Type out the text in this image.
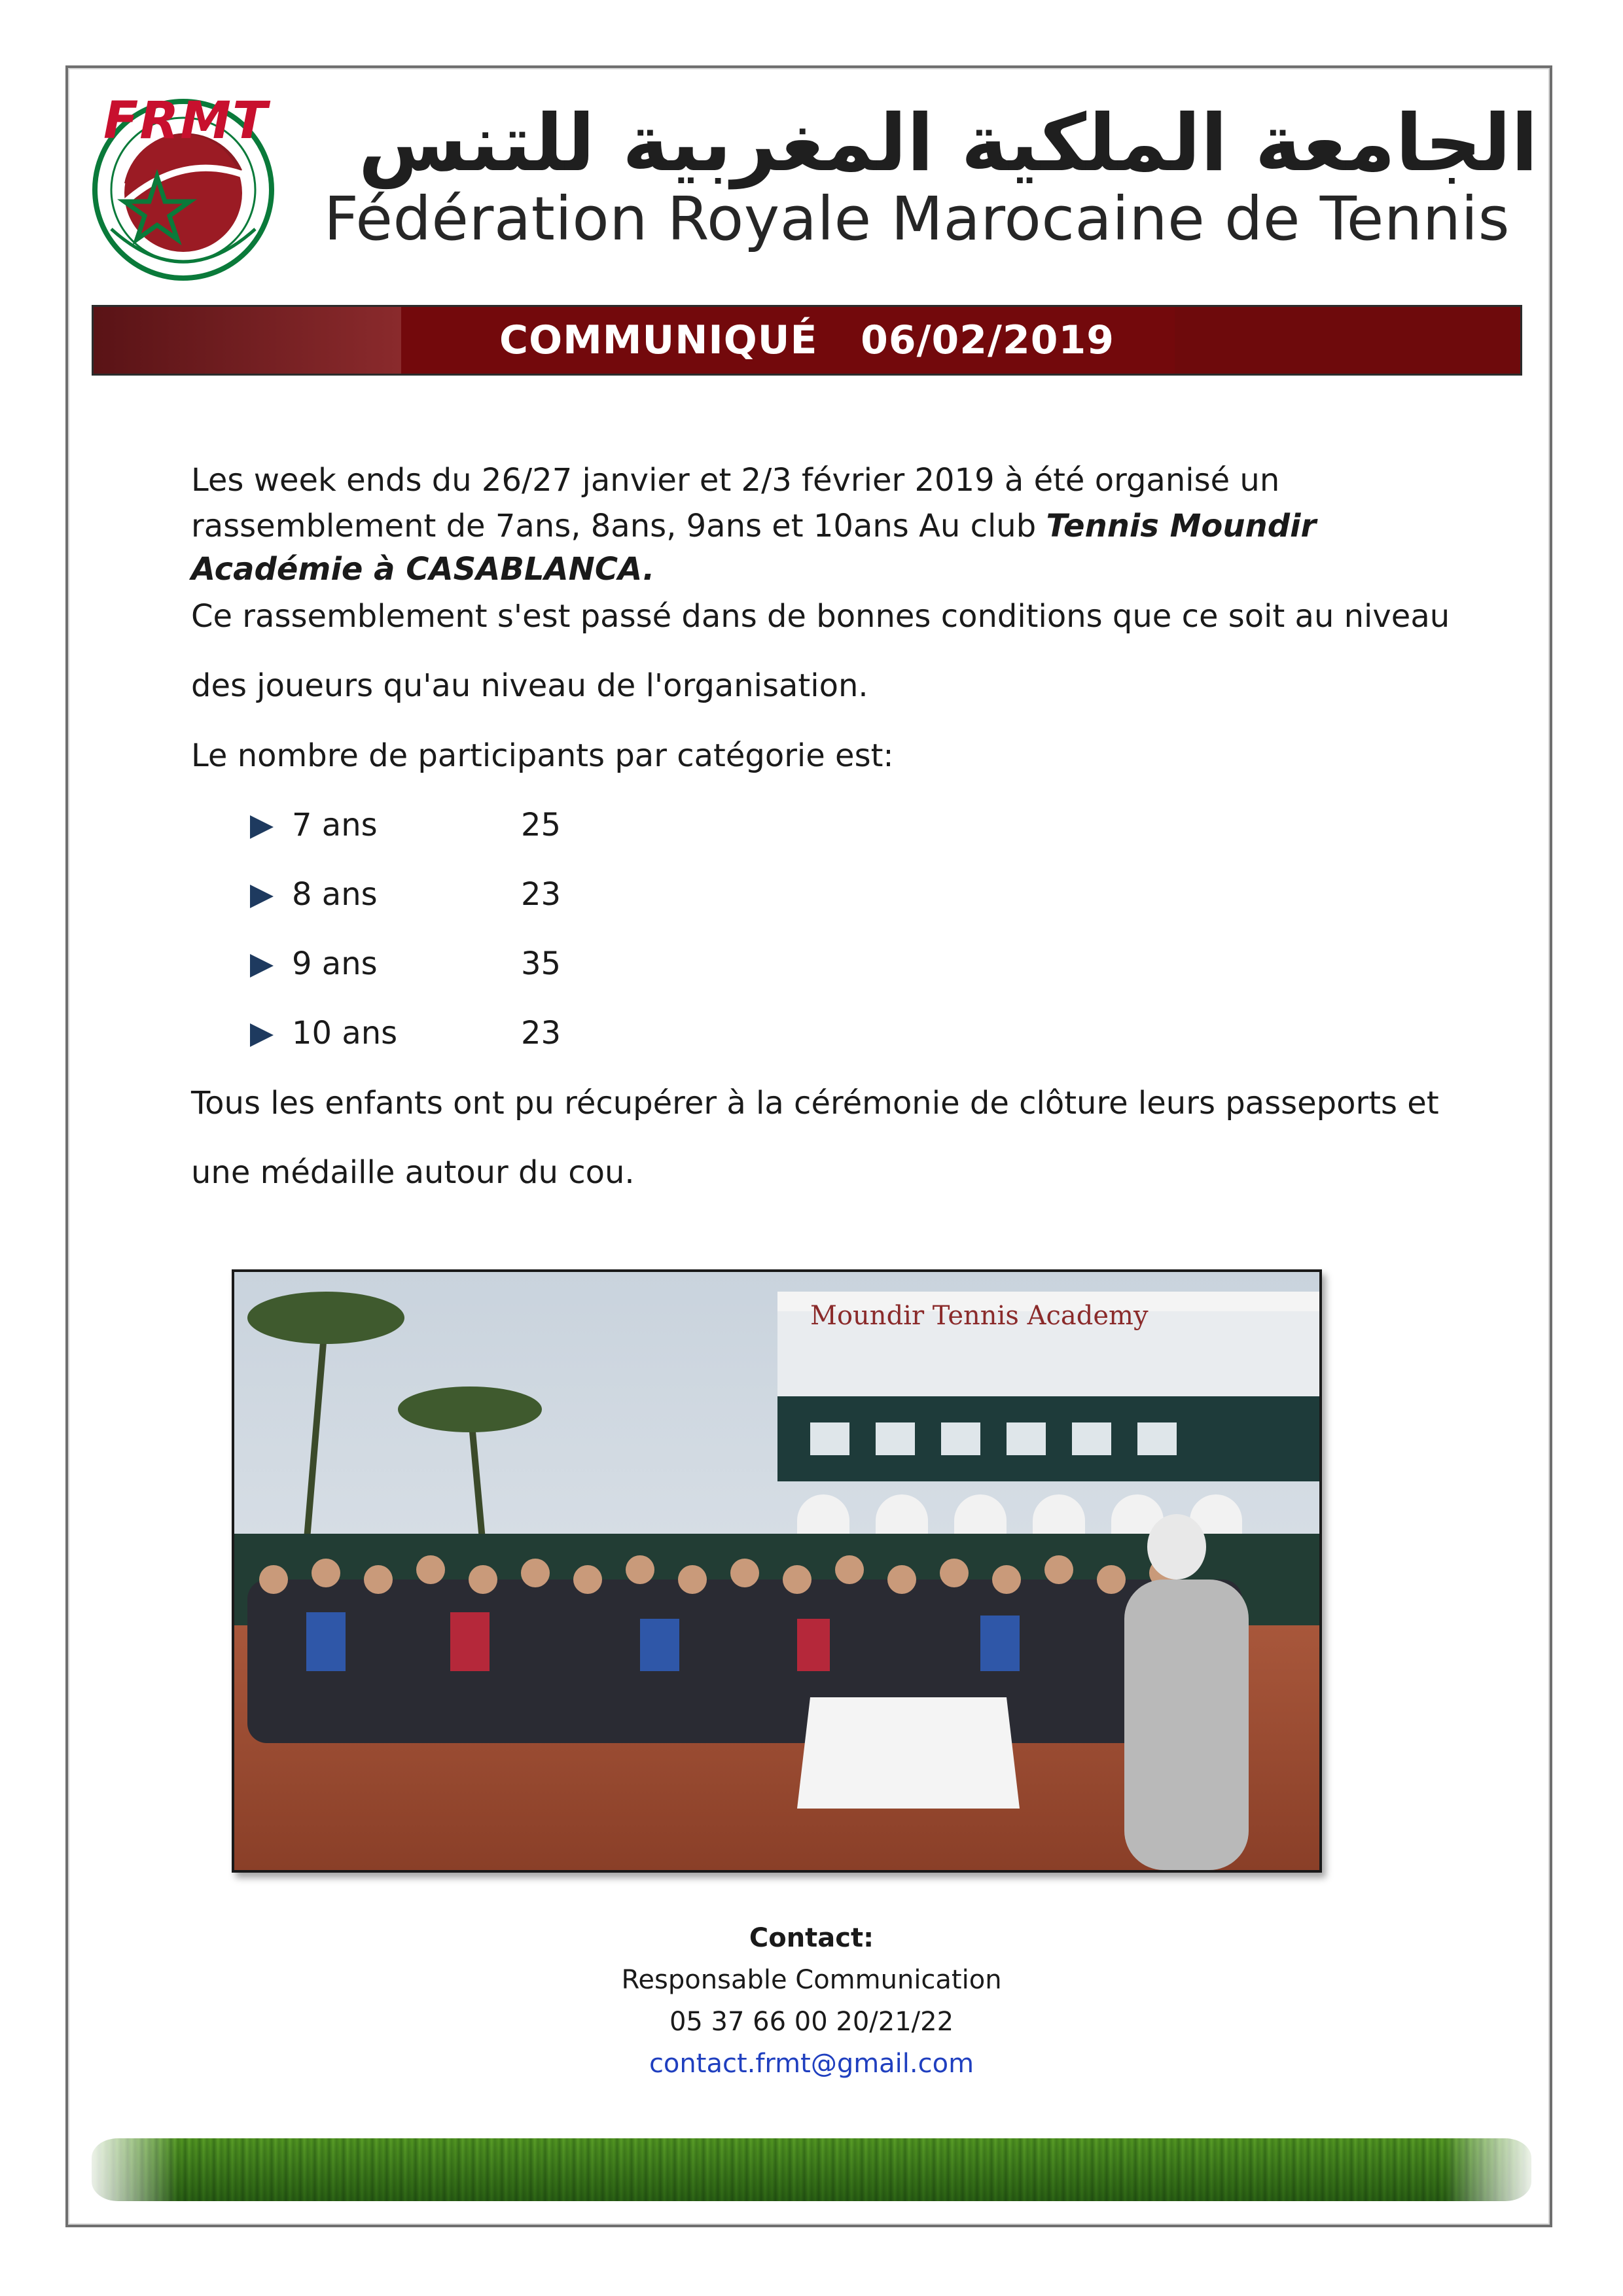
FRMT	الجامعة الملكية المغربية للتنس
Fédération Royale Marocaine de Tennis
COMMUNIQUÉ   06/02/2019
Les week ends du 26/27 janvier et 2/3 février 2019 à été organisé un
rassemblement de 7ans, 8ans, 9ans et 10ans Au club Tennis Moundir
Académie à CASABLANCA.
Ce rassemblement s'est passé dans de bonnes conditions que ce soit au niveau
des joueurs qu'au niveau de l'organisation.
Le nombre de participants par catégorie est:
7 ans	25
8 ans	23
9 ans	35
10 ans	23
Tous les enfants ont pu récupérer à la cérémonie de clôture leurs passeports et
une médaille autour du cou.
Moundir Tennis Academy
Contact:
Responsable Communication
05 37 66 00 20/21/22
contact.frmt@gmail.com
